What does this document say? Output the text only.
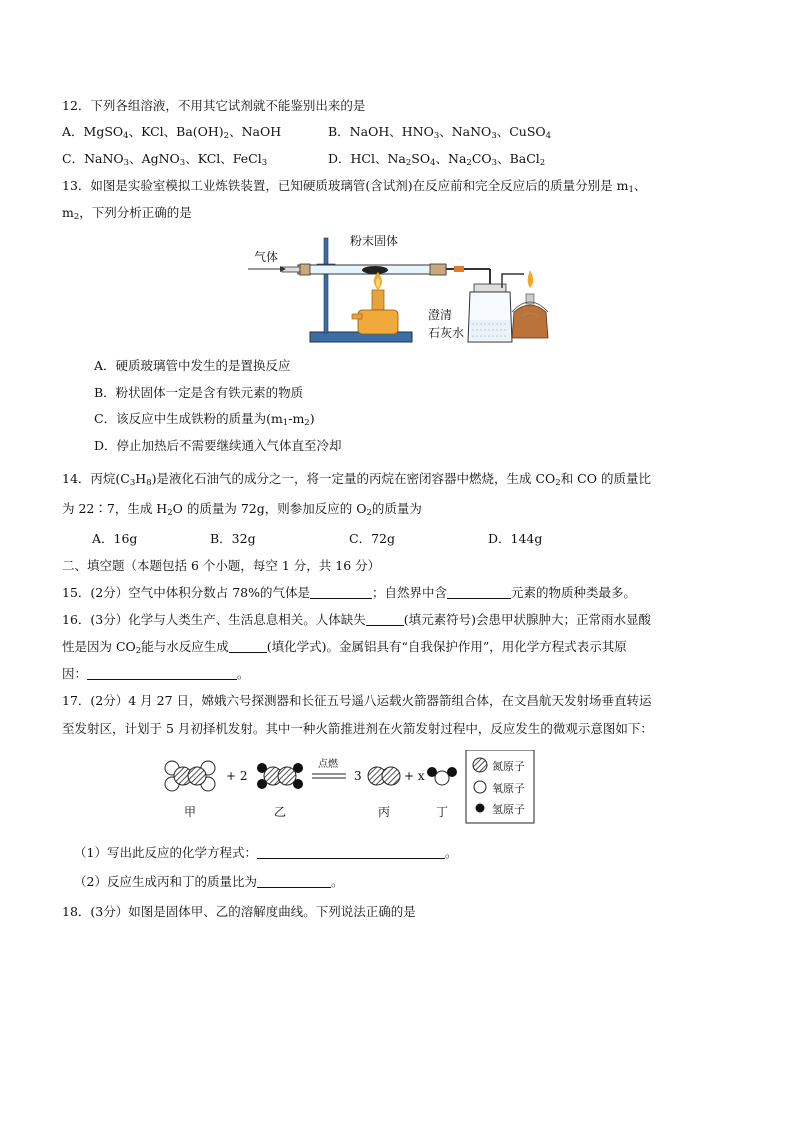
12．下列各组溶液，不用其它试剂就不能鉴别出来的是
A．MgSO$_4$、KCl、$Ba(OH)_2$、NaOH	B．NaOH、$HNO_3$、NaNO$_3$、CuSO$_4$
C．NaNO$_3$、AgNO$_3$、KCl、FeCl$_3$	D．HCl、$Na_2SO_4$、$Na_2CO_3$、BaCl$_2$
13．如图是实验室模拟工业炼铁装置，已知硬质玻璃管(含试剂)在反应前和完全反应后的质量分别是 $m_1$、
$m_2$，下列分析正确的是
气体
粉末固体
澄清
石灰水
A．硬质玻璃管中发生的是置换反应
B．粉状固体一定是含有铁元素的物质
C．该反应中生成铁粉的质量为$(m_1-m_2)$
D．停止加热后不需要继续通入气体直至冷却
14．丙烷$(C_3H_8)$是液化石油气的成分之一，将一定量的丙烷在密闭容器中燃烧，生成 $CO_2$和 CO 的质量比
为 22∶7，生成 $H_2O$ 的质量为 72g，则参加反应的 $O_2$的质量为
A．16g	B．32g	C．72g	D．144g
二、填空题（本题包括 6 个小题，每空 1 分，共 16 分）
15．(2分）空气中体积分数占 78%的气体是	；自然界中含	元素的物质种类最多。
16．(3分）化学与人类生产、生活息息相关。人体缺失	(填元素符号)会患甲状腺肿大；正常雨水显酸
性是因为 $CO_2$能与水反应生成	(填化学式)。金属铝具有“自我保护作用”，用化学方程式表示其原
因：	。
17．(2分）4 月 27 日，嫦娥六号探测器和长征五号遥八运载火箭器箭组合体，在文昌航天发射场垂直转运
至发射区，计划于 5 月初择机发射。其中一种火箭推进剂在火箭发射过程中，反应发生的微观示意图如下：
+ 2
点燃
3	+ x
甲	乙	丙	丁
氮原子
氧原子
氢原子
（1）写出此反应的化学方程式：	。
（2）反应生成丙和丁的质量比为	。
18．(3分）如图是固体甲、乙的溶解度曲线。下列说法正确的是
